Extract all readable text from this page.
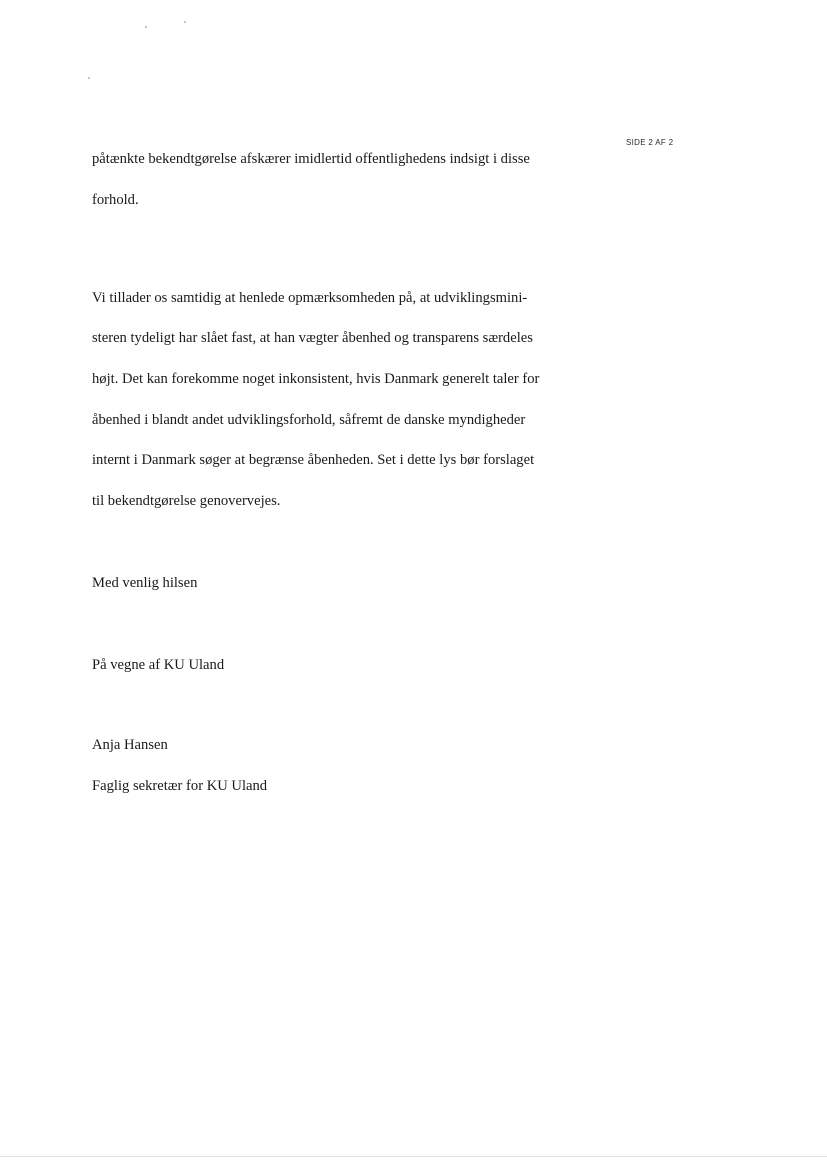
SIDE 2 AF 2

påtænkte bekendtgørelse afskærer imidlertid offentlighedens indsigt i disse

forhold.

Vi tillader os samtidig at henlede opmærksomheden på, at udviklingsmini-

steren tydeligt har slået fast, at han vægter åbenhed og transparens særdeles

højt. Det kan forekomme noget inkonsistent, hvis Danmark generelt taler for

åbenhed i blandt andet udviklingsforhold, såfremt de danske myndigheder

internt i Danmark søger at begrænse åbenheden. Set i dette lys bør forslaget

til bekendtgørelse genovervejes.

Med venlig hilsen

På vegne af KU Uland

Anja Hansen

Faglig sekretær for KU Uland
